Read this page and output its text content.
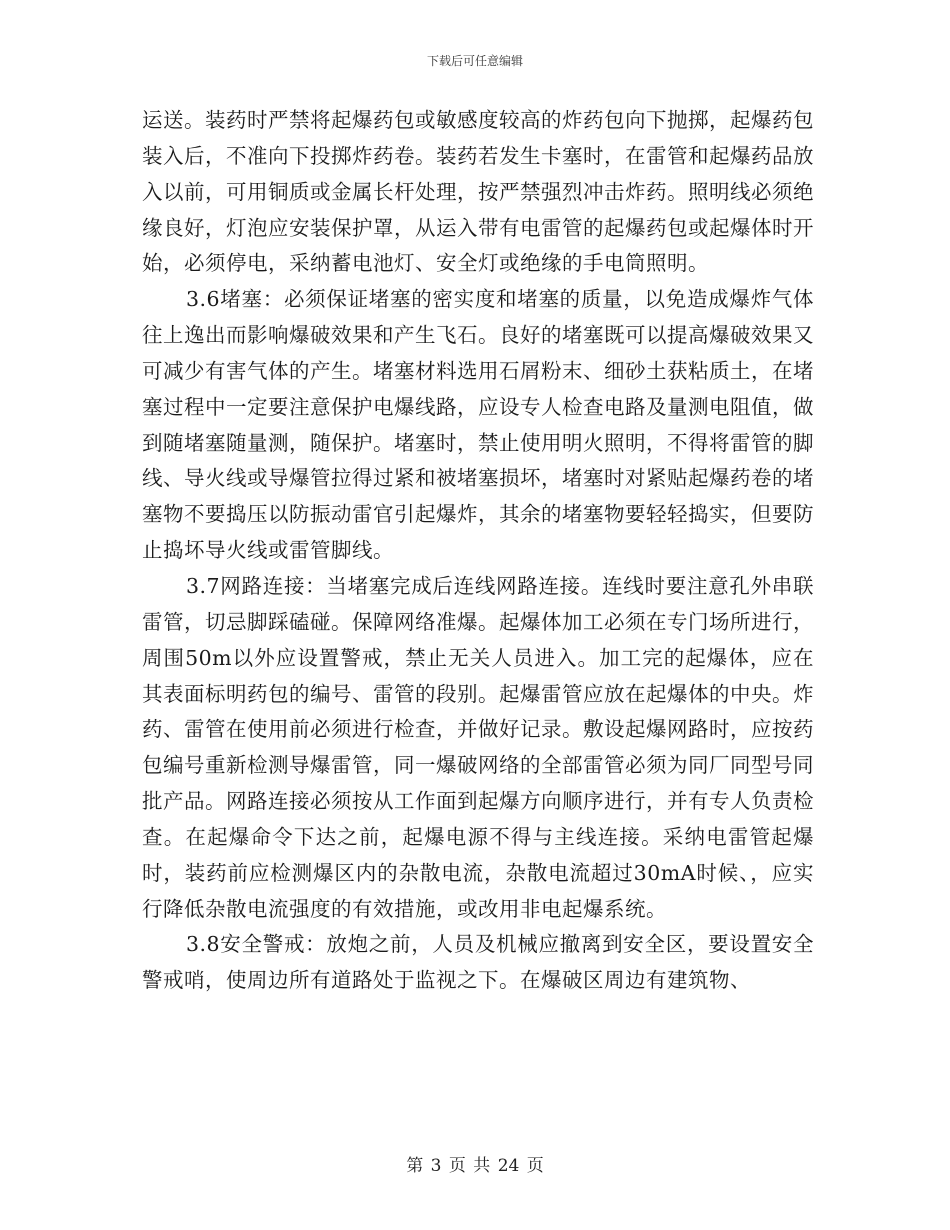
下载后可任意编辑

运送。装药时严禁将起爆药包或敏感度较高的炸药包向下抛掷，起爆药包装入后，不准向下投掷炸药卷。装药若发生卡塞时，在雷管和起爆药品放入以前，可用铜质或金属长杆处理，按严禁强烈冲击炸药。照明线必须绝缘良好，灯泡应安装保护罩，从运入带有电雷管的起爆药包或起爆体时开始，必须停电，采纳蓄电池灯、安全灯或绝缘的手电筒照明。

3.6堵塞：必须保证堵塞的密实度和堵塞的质量，以免造成爆炸气体往上逸出而影响爆破效果和产生飞石。良好的堵塞既可以提高爆破效果又可减少有害气体的产生。堵塞材料选用石屑粉末、细砂土获粘质土，在堵塞过程中一定要注意保护电爆线路，应设专人检查电路及量测电阻值，做到随堵塞随量测，随保护。堵塞时，禁止使用明火照明，不得将雷管的脚线、导火线或导爆管拉得过紧和被堵塞损坏，堵塞时对紧贴起爆药卷的堵塞物不要捣压以防振动雷官引起爆炸，其余的堵塞物要轻轻捣实，但要防止捣坏导火线或雷管脚线。

3.7网路连接：当堵塞完成后连线网路连接。连线时要注意孔外串联雷管，切忌脚踩磕碰。保障网络准爆。起爆体加工必须在专门场所进行，周围50m以外应设置警戒，禁止无关人员进入。加工完的起爆体，应在其表面标明药包的编号、雷管的段别。起爆雷管应放在起爆体的中央。炸药、雷管在使用前必须进行检查，并做好记录。敷设起爆网路时，应按药包编号重新检测导爆雷管，同一爆破网络的全部雷管必须为同厂同型号同批产品。网路连接必须按从工作面到起爆方向顺序进行，并有专人负责检查。在起爆命令下达之前，起爆电源不得与主线连接。采纳电雷管起爆时，装药前应检测爆区内的杂散电流，杂散电流超过30mA时候、，应实行降低杂散电流强度的有效措施，或改用非电起爆系统。

3.8安全警戒：放炮之前，人员及机械应撤离到安全区，要设置安全警戒哨，使周边所有道路处于监视之下。在爆破区周边有建筑物、

第 3 页 共 24 页
